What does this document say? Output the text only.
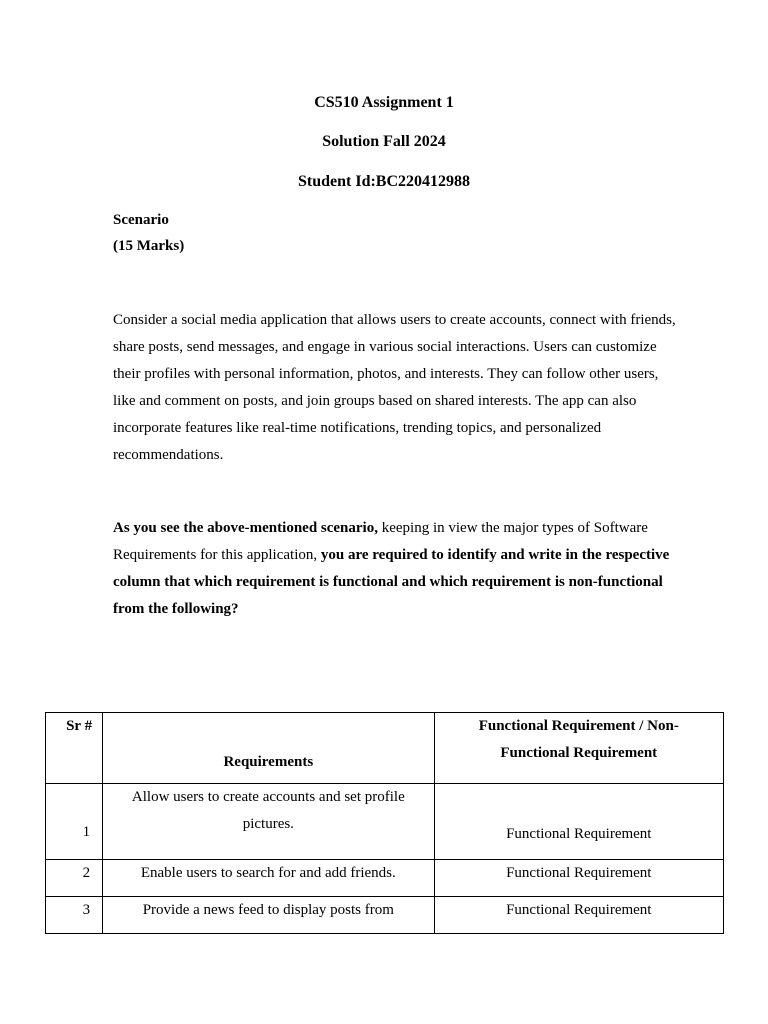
CS510 Assignment 1
Solution Fall 2024
Student Id:BC220412988
Scenario
(15 Marks)

Consider a social media application that allows users to create accounts, connect with friends, share posts, send messages, and engage in various social interactions. Users can customize their profiles with personal information, photos, and interests. They can follow other users, like and comment on posts, and join groups based on shared interests. The app can also incorporate features like real-time notifications, trending topics, and personalized recommendations.

As you see the above-mentioned scenario, keeping in view the major types of Software Requirements for this application, you are required to identify and write in the respective column that which requirement is functional and which requirement is non-functional from the following?

Sr #	Requirements	Functional Requirement / Non-Functional Requirement
1	Allow users to create accounts and set profile pictures.	Functional Requirement
2	Enable users to search for and add friends.	Functional Requirement
3	Provide a news feed to display posts from	Functional Requirement
